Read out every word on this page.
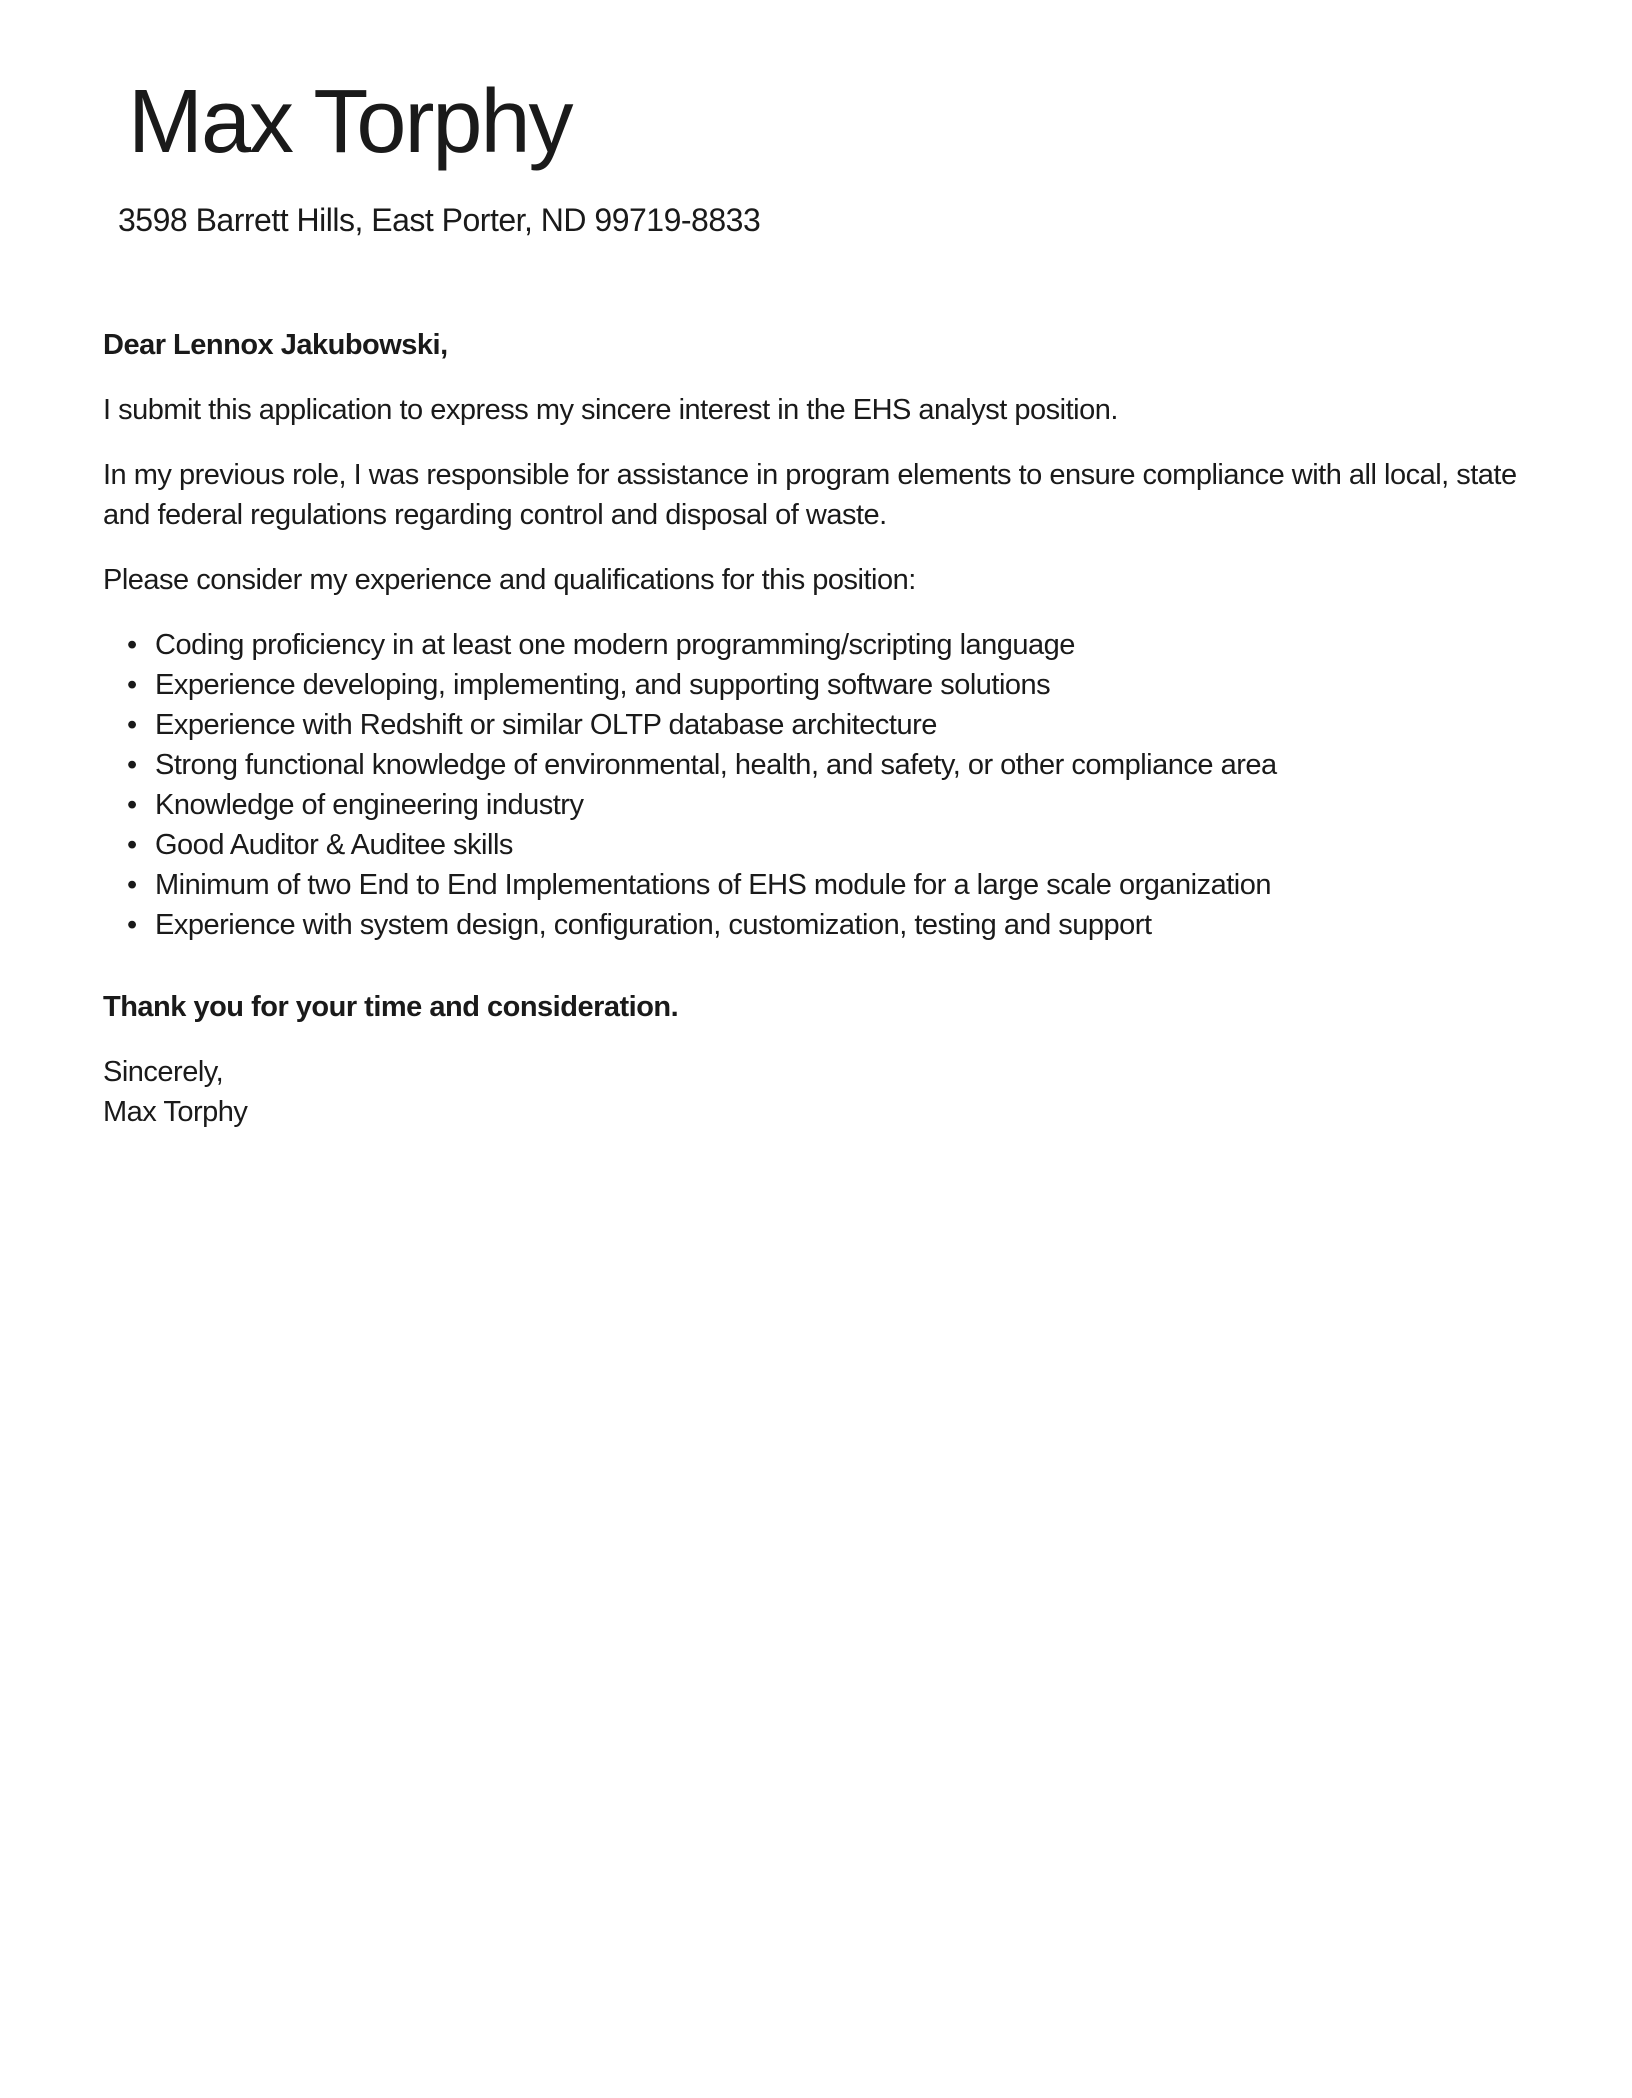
Max Torphy
3598 Barrett Hills, East Porter, ND 99719-8833

Dear Lennox Jakubowski,

I submit this application to express my sincere interest in the EHS analyst position.

In my previous role, I was responsible for assistance in program elements to ensure compliance with all local, state and federal regulations regarding control and disposal of waste.

Please consider my experience and qualifications for this position:

• Coding proficiency in at least one modern programming/scripting language
• Experience developing, implementing, and supporting software solutions
• Experience with Redshift or similar OLTP database architecture
• Strong functional knowledge of environmental, health, and safety, or other compliance area
• Knowledge of engineering industry
• Good Auditor & Auditee skills
• Minimum of two End to End Implementations of EHS module for a large scale organization
• Experience with system design, configuration, customization, testing and support

Thank you for your time and consideration.

Sincerely,
Max Torphy
